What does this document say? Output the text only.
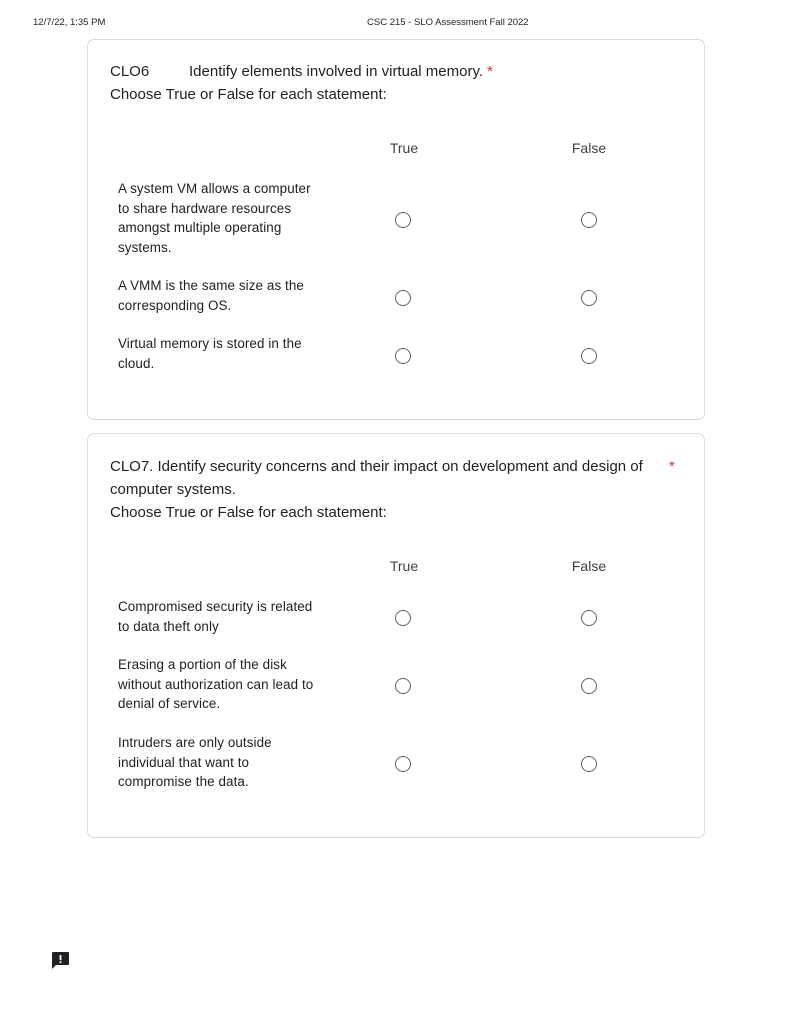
12/7/22, 1:35 PM	CSC 215 - SLO Assessment Fall 2022
CLO6	Identify elements involved in virtual memory. *
Choose True or False for each statement:
True	False
A system VM allows a computer to share hardware resources amongst multiple operating systems.
A VMM is the same size as the corresponding OS.
Virtual memory is stored in the cloud.
CLO7. Identify security concerns and their impact on development and design of computer systems.
*
Choose True or False for each statement:
True	False
Compromised security is related to data theft only
Erasing a portion of the disk without authorization can lead to denial of service.
Intruders are only outside individual that want to compromise the data.
